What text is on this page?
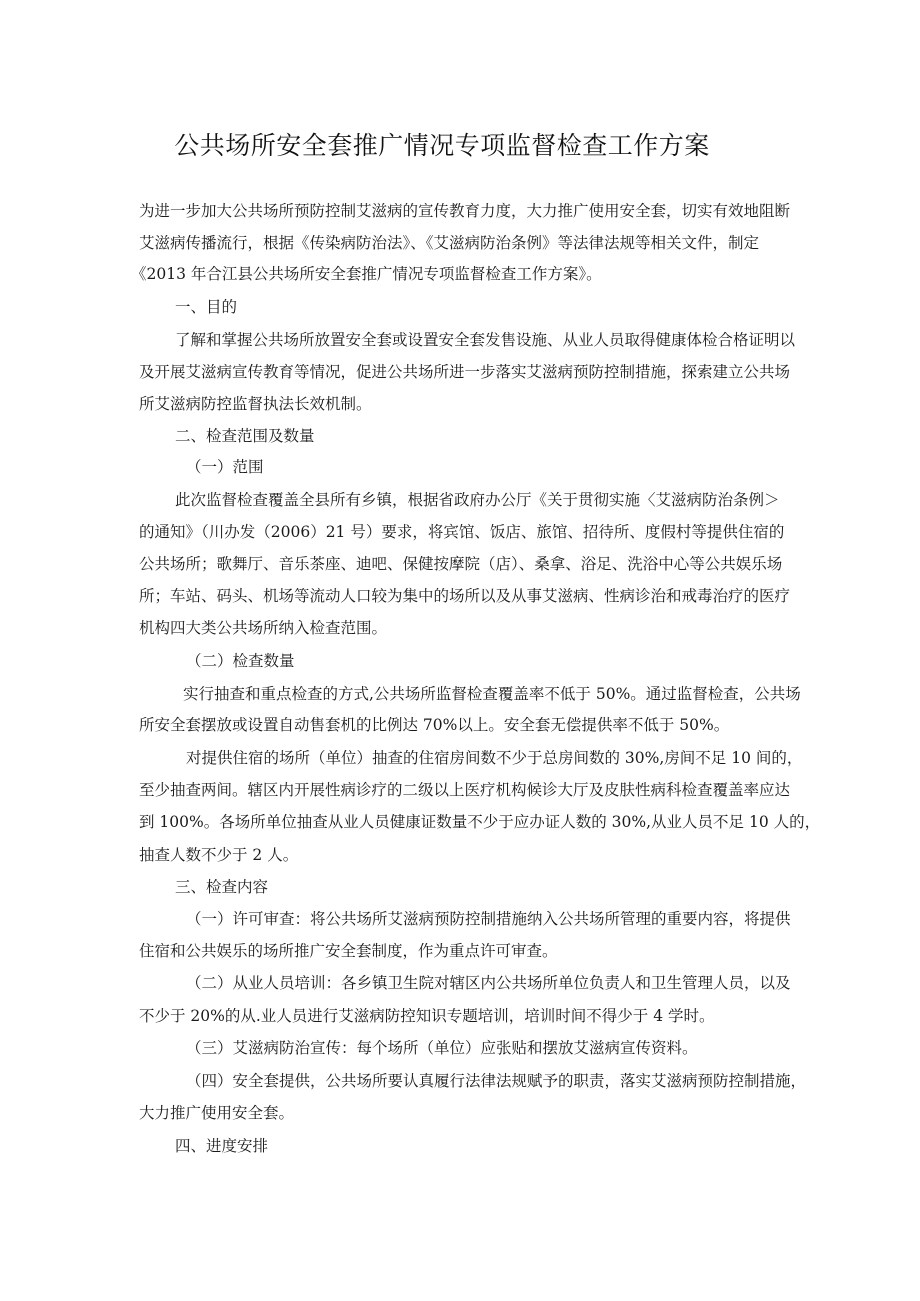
公共场所安全套推广情况专项监督检查工作方案

为进一步加大公共场所预防控制艾滋病的宣传教育力度，大力推广使用安全套，切实有效地阻断

艾滋病传播流行，根据《传染病防治法》、《艾滋病防治条例》等法律法规等相关文件，制定

《2013 年合江县公共场所安全套推广情况专项监督检查工作方案》。

一、目的

了解和掌握公共场所放置安全套或设置安全套发售设施、从业人员取得健康体检合格证明以

及开展艾滋病宣传教育等情况，促进公共场所进一步落实艾滋病预防控制措施，探索建立公共场

所艾滋病防控监督执法长效机制。

二、检查范围及数量

（一）范围

此次监督检查覆盖全县所有乡镇，根据省政府办公厅《关于贯彻实施〈艾滋病防治条例＞

的通知》（川办发（2006）21 号）要求，将宾馆、饭店、旅馆、招待所、度假村等提供住宿的

公共场所；歌舞厅、音乐茶座、迪吧、保健按摩院（店）、桑拿、浴足、洗浴中心等公共娱乐场

所；车站、码头、机场等流动人口较为集中的场所以及从事艾滋病、性病诊治和戒毒治疗的医疗

机构四大类公共场所纳入检查范围。

（二）检查数量

实行抽查和重点检查的方式,公共场所监督检查覆盖率不低于 50%。通过监督检查，公共场

所安全套摆放或设置自动售套机的比例达 70%以上。安全套无偿提供率不低于 50%。

对提供住宿的场所（单位）抽查的住宿房间数不少于总房间数的 30%,房间不足 10 间的，

至少抽查两间。辖区内开展性病诊疗的二级以上医疗机构候诊大厅及皮肤性病科检查覆盖率应达

到 100%。各场所单位抽查从业人员健康证数量不少于应办证人数的 30%,从业人员不足 10 人的，

抽查人数不少于 2 人。

三、检查内容

（一）许可审查：将公共场所艾滋病预防控制措施纳入公共场所管理的重要内容，将提供

住宿和公共娱乐的场所推广安全套制度，作为重点许可审查。

（二）从业人员培训：各乡镇卫生院对辖区内公共场所单位负责人和卫生管理人员，以及

不少于 20%的从.业人员进行艾滋病防控知识专题培训，培训时间不得少于 4 学时。

（三）艾滋病防治宣传：每个场所（单位）应张贴和摆放艾滋病宣传资料。

（四）安全套提供，公共场所要认真履行法律法规赋予的职责，落实艾滋病预防控制措施，

大力推广使用安全套。

四、进度安排
